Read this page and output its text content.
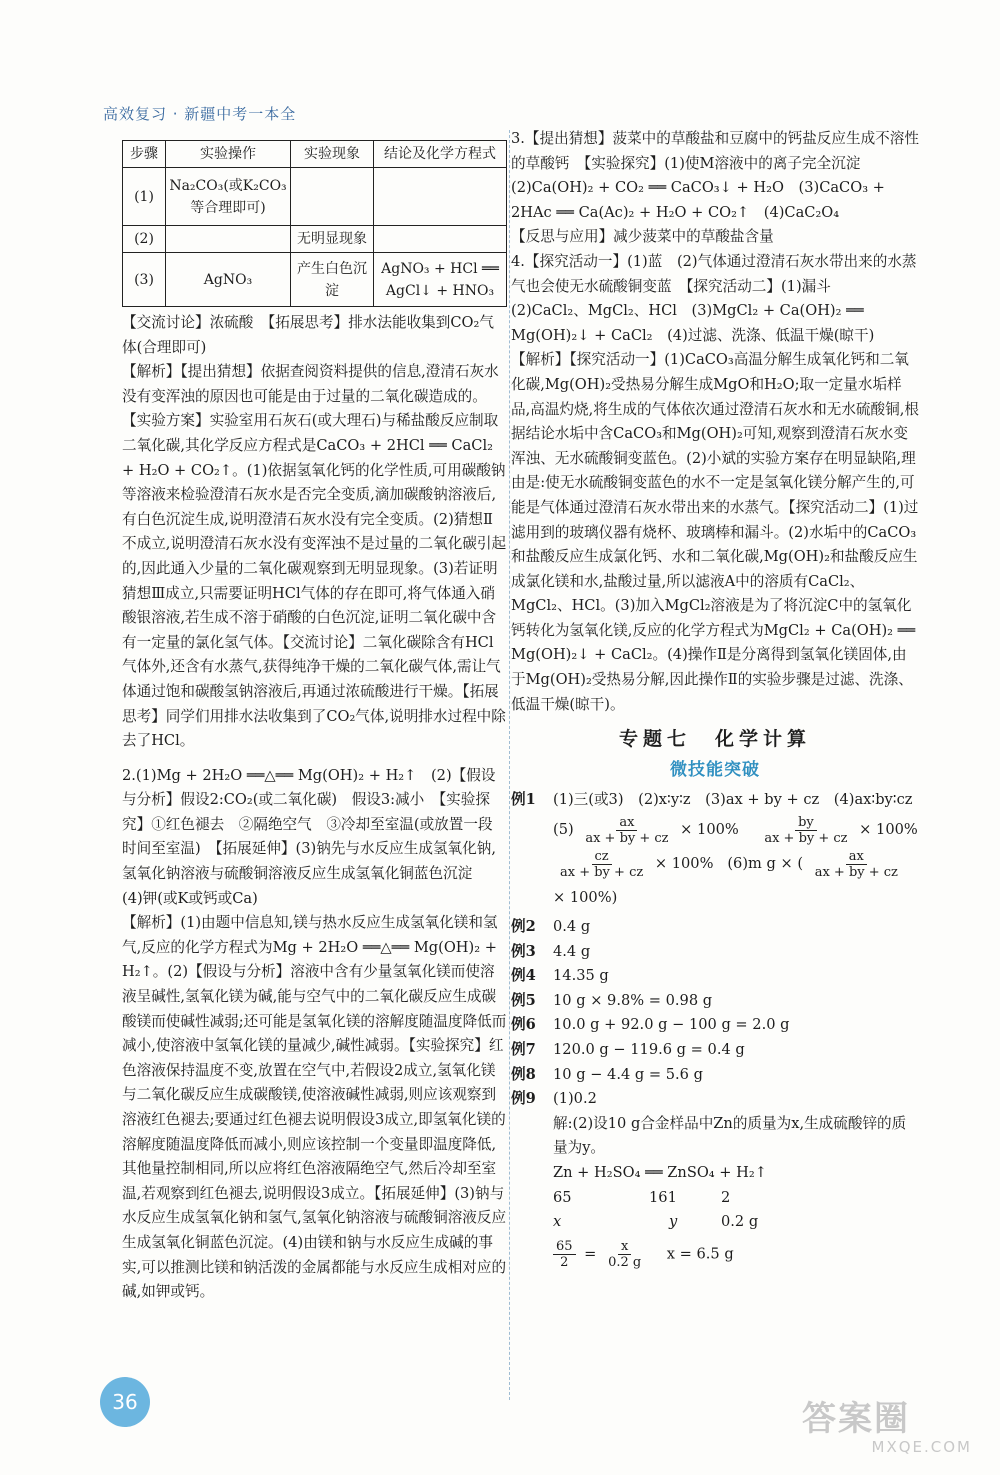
高效复习 · 新疆中考一本全
步骤	实验操作	实验现象	结论及化学方程式
(1)	Na₂CO₃(或K₂CO₃等合理即可)		
(2)		无明显现象	
(3)	AgNO₃	产生白色沉淀	AgNO₃ + HCl ══ AgCl↓ + HNO₃

【交流讨论】浓硫酸　【拓展思考】排水法能收集到CO₂气体(合理即可)

【解析】【提出猜想】依据查阅资料提供的信息,澄清石灰水没有变浑浊的原因也可能是由于过量的二氧化碳造成的。【实验方案】实验室用石灰石(或大理石)与稀盐酸反应制取二氧化碳,其化学反应方程式是CaCO₃ + 2HCl ══ CaCl₂ + H₂O + CO₂↑。(1)依据氢氧化钙的化学性质,可用碳酸钠等溶液来检验澄清石灰水是否完全变质,滴加碳酸钠溶液后,有白色沉淀生成,说明澄清石灰水没有完全变质。(2)猜想Ⅱ不成立,说明澄清石灰水没有变浑浊不是过量的二氧化碳引起的,因此通入少量的二氧化碳观察到无明显现象。(3)若证明猜想Ⅲ成立,只需要证明HCl气体的存在即可,将气体通入硝酸银溶液,若生成不溶于硝酸的白色沉淀,证明二氧化碳中含有一定量的氯化氢气体。【交流讨论】二氧化碳除含有HCl气体外,还含有水蒸气,获得纯净干燥的二氧化碳气体,需让气体通过饱和碳酸氢钠溶液后,再通过浓硫酸进行干燥。【拓展思考】同学们用排水法收集到了CO₂气体,说明排水过程中除去了HCl。

2.(1)Mg + 2H₂O ══△══ Mg(OH)₂ + H₂↑　(2)【假设与分析】假设2:CO₂(或二氧化碳)　假设3:减小　【实验探究】①红色褪去　②隔绝空气　③冷却至室温(或放置一段时间至室温)　【拓展延伸】(3)钠先与水反应生成氢氧化钠,氢氧化钠溶液与硫酸铜溶液反应生成氢氧化铜蓝色沉淀　(4)钾(或K或钙或Ca)

【解析】(1)由题中信息知,镁与热水反应生成氢氧化镁和氢气,反应的化学方程式为Mg + 2H₂O ══△══ Mg(OH)₂ + H₂↑。(2)【假设与分析】溶液中含有少量氢氧化镁而使溶液呈碱性,氢氧化镁为碱,能与空气中的二氧化碳反应生成碳酸镁而使碱性减弱;还可能是氢氧化镁的溶解度随温度降低而减小,使溶液中氢氧化镁的量减少,碱性减弱。【实验探究】红色溶液保持温度不变,放置在空气中,若假设2成立,氢氧化镁与二氧化碳反应生成碳酸镁,使溶液碱性减弱,则应该观察到溶液红色褪去;要通过红色褪去说明假设3成立,即氢氧化镁的溶解度随温度降低而减小,则应该控制一个变量即温度降低,其他量控制相同,所以应将红色溶液隔绝空气,然后冷却至室温,若观察到红色褪去,说明假设3成立。【拓展延伸】(3)钠与水反应生成氢氧化钠和氢气,氢氧化钠溶液与硫酸铜溶液反应生成氢氧化铜蓝色沉淀。(4)由镁和钠与水反应生成碱的事实,可以推测比镁和钠活泼的金属都能与水反应生成相对应的碱,如钾或钙。

3.【提出猜想】菠菜中的草酸盐和豆腐中的钙盐反应生成不溶性的草酸钙　【实验探究】(1)使M溶液中的离子完全沉淀　(2)Ca(OH)₂ + CO₂ ══ CaCO₃↓ + H₂O　(3)CaCO₃ + 2HAc ══ Ca(Ac)₂ + H₂O + CO₂↑　(4)CaC₂O₄

【反思与应用】减少菠菜中的草酸盐含量

4.【探究活动一】(1)蓝　(2)气体通过澄清石灰水带出来的水蒸气也会使无水硫酸铜变蓝　【探究活动二】(1)漏斗　(2)CaCl₂、MgCl₂、HCl　(3)MgCl₂ + Ca(OH)₂ ══ Mg(OH)₂↓ + CaCl₂　(4)过滤、洗涤、低温干燥(晾干)

【解析】【探究活动一】(1)CaCO₃高温分解生成氧化钙和二氧化碳,Mg(OH)₂受热易分解生成MgO和H₂O;取一定量水垢样品,高温灼烧,将生成的气体依次通过澄清石灰水和无水硫酸铜,根据结论水垢中含CaCO₃和Mg(OH)₂可知,观察到澄清石灰水变浑浊、无水硫酸铜变蓝色。(2)小斌的实验方案存在明显缺陷,理由是:使无水硫酸铜变蓝色的水不一定是氢氧化镁分解产生的,可能是气体通过澄清石灰水带出来的水蒸气。【探究活动二】(1)过滤用到的玻璃仪器有烧杯、玻璃棒和漏斗。(2)水垢中的CaCO₃和盐酸反应生成氯化钙、水和二氧化碳,Mg(OH)₂和盐酸反应生成氯化镁和水,盐酸过量,所以滤液A中的溶质有CaCl₂、MgCl₂、HCl。(3)加入MgCl₂溶液是为了将沉淀C中的氢氧化钙转化为氢氧化镁,反应的化学方程式为MgCl₂ + Ca(OH)₂ ══ Mg(OH)₂↓ + CaCl₂。(4)操作Ⅱ是分离得到氢氧化镁固体,由于Mg(OH)₂受热易分解,因此操作Ⅱ的实验步骤是过滤、洗涤、低温干燥(晾干)。

专题七　化学计算
微技能突破
例1	(1)三(或3)　(2)x∶y∶z　(3)ax + by + cz　(4)ax∶by∶cz
$(5) \frac{ax}{ax + by + cz} \times 100\% \frac{by}{ax + by + cz} \times 100\%$
$\frac{cz}{ax + by + cz} \times 100\%$ (6)m g × ( $\frac{ax}{ax + by + cz}$
× 100%)
例2	0.4 g
例3	4.4 g
例4	14.35 g
例5	10 g × 9.8% = 0.98 g
例6	10.0 g + 92.0 g − 100 g = 2.0 g
例7	120.0 g − 119.6 g = 0.4 g
例8	10 g − 4.4 g = 5.6 g
例9	(1)0.2

解:(2)设10 g合金样品中Zn的质量为x,生成硫酸锌的质量为y。

Zn + H₂SO₄ ══ ZnSO₄ + H₂↑

65	161	2
x	y	0.2 g
$\frac{65}{2} = \frac{x}{0.2 g}$ x = 6.5 g
36	答案圈
MXQE.COM
